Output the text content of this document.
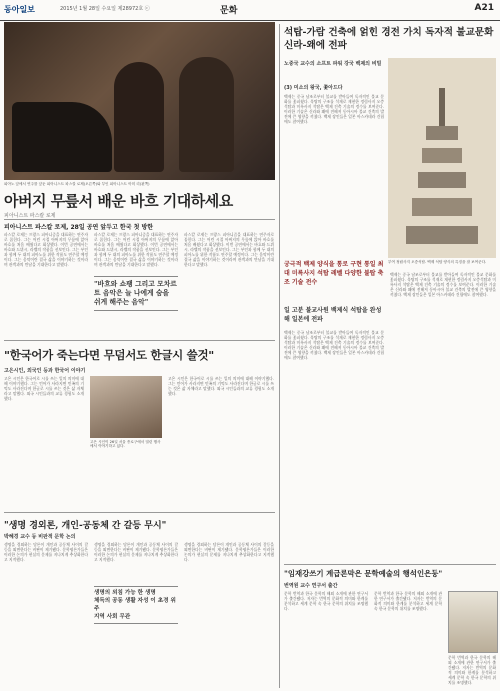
동아일보	2015년 1월 28일 수요일 제28972호 ⓒ	문화	A21
피아노 앞에서 연주를 앞둔 피아니스트 파스칼 로제(오른쪽)와 부인 피아니스트 아미 리(왼쪽)
아버지 무릎서 배운 바흐 기대하세요
피아니스트 파스칼 로제
피아니스트 파스칼 로제, 28일 공연 앞두고 한국 첫 방한
파스칼 로제는 프랑스 피아니즘을 대표하는 연주자로 꼽힌다. 그는 어린 시절 아버지의 무릎에 앉아 바흐를 처음 배웠다고 회상했다. 이번 공연에서는 바흐와 드뷔시, 라벨의 작품을 선보인다. 그는 부인과 함께 두 대의 피아노를 위한 작품도 연주할 예정이다. 그는 음악이란 결국 삶을 이야기하는 것이라며 관객과의 만남을 기대한다고 말했다.
파스칼 로제는 프랑스 피아니즘을 대표하는 연주자로 꼽힌다. 그는 어린 시절 아버지의 무릎에 앉아 바흐를 처음 배웠다고 회상했다. 이번 공연에서는 바흐와 드뷔시, 라벨의 작품을 선보인다. 그는 부인과 함께 두 대의 피아노를 위한 작품도 연주할 예정이다. 그는 음악이란 결국 삶을 이야기하는 것이라며 관객과의 만남을 기대한다고 말했다.
"바흐와 쇼팽 그리고 모차르트 음악은 늘 나에게 숨을 쉬게 해주는 음악"
파스칼 로제는 프랑스 피아니즘을 대표하는 연주자로 꼽힌다. 그는 어린 시절 아버지의 무릎에 앉아 바흐를 처음 배웠다고 회상했다. 이번 공연에서는 바흐와 드뷔시, 라벨의 작품을 선보인다. 그는 부인과 함께 두 대의 피아노를 위한 작품도 연주할 예정이다. 그는 음악이란 결국 삶을 이야기하는 것이라며 관객과의 만남을 기대한다고 말했다.
"한국어가 죽는다면 무덤서도 한글시 쓸것"
고은시인, 외국인 등과 한국어 이야기
고은 시인은 한국어로 시를 쓰는 일의 의미에 대해 이야기했다. 그는 언어가 사라지면 민족의 기억도 사라진다며 한글로 시를 쓰는 것은 삶 자체라고 말했다. 외국 시인들과의 교류 경험도 소개했다.
고은 시인이 26일 서울 종로구에서 열린 행사에서 이야기하고 있다.
고은 시인은 한국어로 시를 쓰는 일의 의미에 대해 이야기했다. 그는 언어가 사라지면 민족의 기억도 사라진다며 한글로 시를 쓰는 것은 삶 자체라고 말했다. 외국 시인들과의 교류 경험도 소개했다.
"생명 경외론, 개인-공동체 간 갈등 무시"
박혜경 교수 등 비판적 문학 논의
생명을 경외하는 담론이 개인과 공동체 사이의 갈등을 외면한다는 비판이 제기됐다. 문학평론가들은 이러한 논의가 현실의 문제를 지나치게 추상화한다고 지적했다.
생명을 경외하는 담론이 개인과 공동체 사이의 갈등을 외면한다는 비판이 제기됐다. 문학평론가들은 이러한 논의가 현실의 문제를 지나치게 추상화한다고 지적했다.
생명의 외침 가능 한 생명
체득의 공동 생활 자성 이 초경 위주
지역 사회 무관
생명을 경외하는 담론이 개인과 공동체 사이의 갈등을 외면한다는 비판이 제기됐다. 문학평론가들은 이러한 논의가 현실의 문제를 지나치게 추상화한다고 지적했다.
석탑-가람 건축에 얽힌 경전 가치 독자적 불교문화 신라-왜에 전파
노중국 교수의 소프트 파워 강국 백제의 비밀
(3) 미소의 왕국, 쫓아드다
백제는 중국 남조로부터 불교를 받아들여 독자적인 불교 문화를 꽃피웠다. 목탑의 구조를 석재로 재현한 정림사지 오층석탑과 미륵사지 석탑은 백제 건축 기술의 정수를 보여준다. 이러한 기술은 신라와 왜에 전해져 동아시아 불교 건축의 발전에 큰 영향을 끼쳤다. 백제 장인들은 일본 아스카데라 건립에도 참여했다.
부여 정림사지 오층석탑. 백제 석탑 양식의 특징을 잘 보여준다.
궁극적 백제 양식을 통로 구현 통일 최대 미륵사지 석탑 레벨 다양한 불탑 축조 기술 전수
일 고분 불교사원 백제식 석탑을 완성해 일본에 전파
백제는 중국 남조로부터 불교를 받아들여 독자적인 불교 문화를 꽃피웠다. 목탑의 구조를 석재로 재현한 정림사지 오층석탑과 미륵사지 석탑은 백제 건축 기술의 정수를 보여준다. 이러한 기술은 신라와 왜에 전해져 동아시아 불교 건축의 발전에 큰 영향을 끼쳤다. 백제 장인들은 일본 아스카데라 건립에도 참여했다.
백제는 중국 남조로부터 불교를 받아들여 독자적인 불교 문화를 꽃피웠다. 목탑의 구조를 석재로 재현한 정림사지 오층석탑과 미륵사지 석탑은 백제 건축 기술의 정수를 보여준다. 이러한 기술은 신라와 왜에 전해져 동아시아 불교 건축의 발전에 큰 영향을 끼쳤다. 백제 장인들은 일본 아스카데라 건립에도 참여했다.
"임재강쓰기 계급론막은 문학예술의 행석인은둥"
번역원 교수 연구서 출간
문학 번역과 한국 문학의 해외 소개에 관한 연구서가 출간됐다. 저자는 번역의 문화적 의미와 한계를 분석하고 세계 문학 속 한국 문학의 위치를 조명했다.
문학 번역과 한국 문학의 해외 소개에 관한 연구서가 출간됐다. 저자는 번역의 문화적 의미와 한계를 분석하고 세계 문학 속 한국 문학의 위치를 조명했다.
문학 번역과 한국 문학의 해외 소개에 관한 연구서가 출간됐다. 저자는 번역의 문화적 의미와 한계를 분석하고 세계 문학 속 한국 문학의 위치를 조명했다.
